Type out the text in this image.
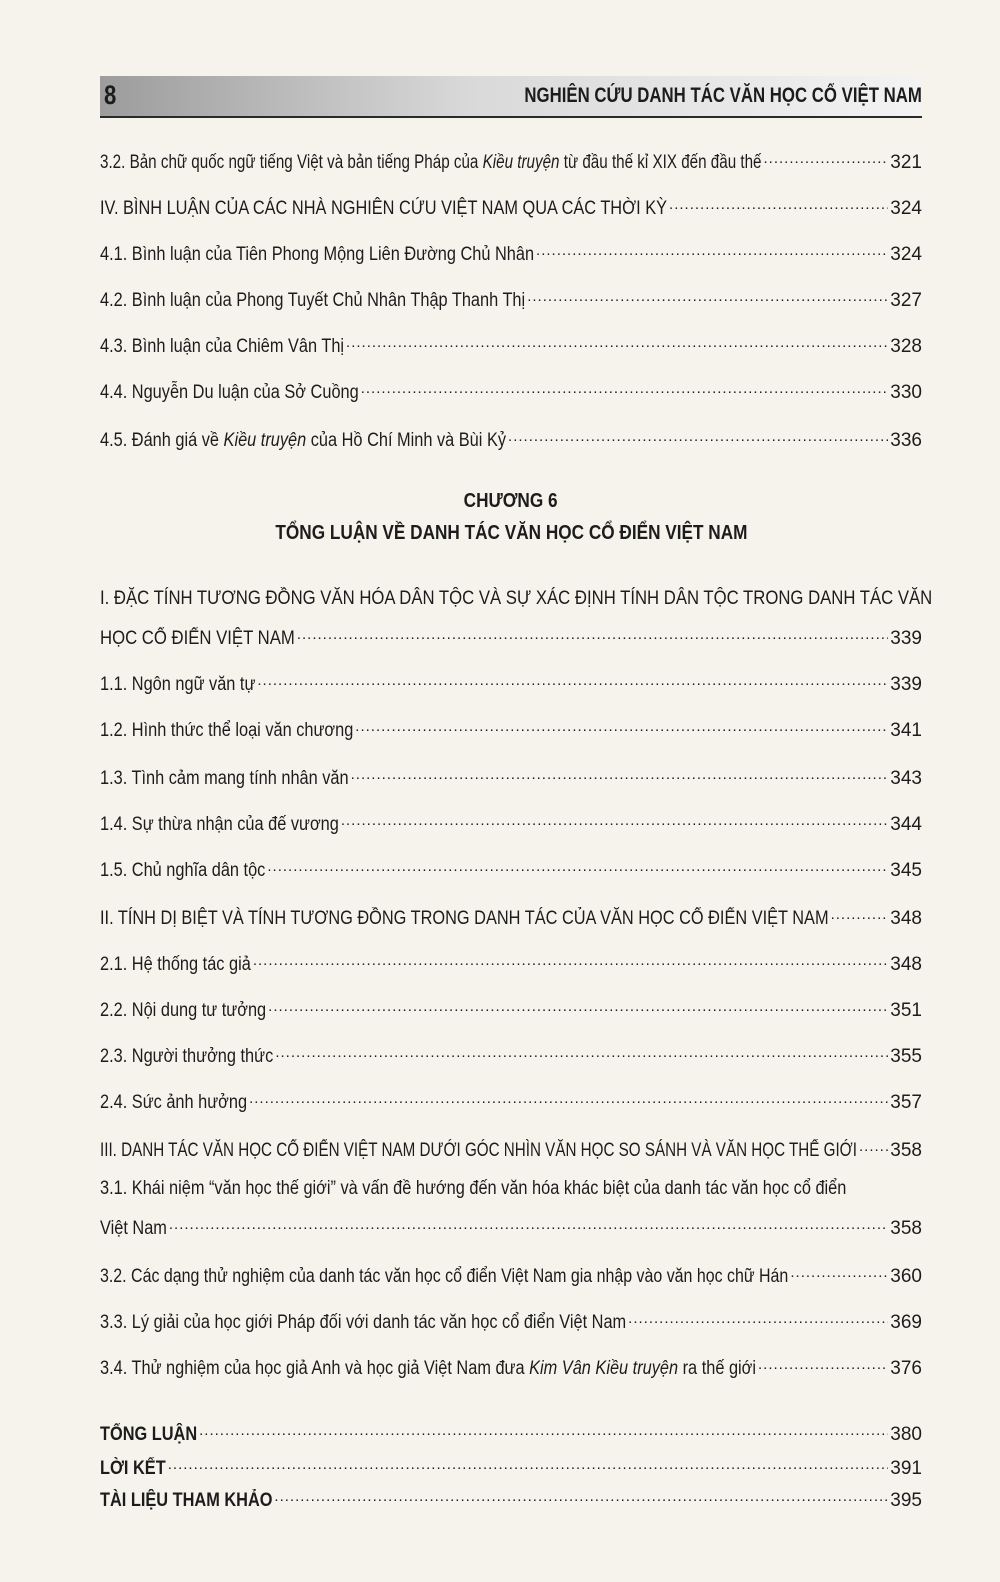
8	NGHIÊN CỨU DANH TÁC VĂN HỌC CỔ VIỆT NAM
3.2. Bản chữ quốc ngữ tiếng Việt và bản tiếng Pháp của Kiều truyện từ đầu thế kỉ XIX đến đầu thế .....	321
IV. BÌNH LUẬN CỦA CÁC NHÀ NGHIÊN CỨU VIỆT NAM QUA CÁC THỜI KỲ .....	324
4.1. Bình luận của Tiên Phong Mộng Liên Đường Chủ Nhân .....	324
4.2. Bình luận của Phong Tuyết Chủ Nhân Thập Thanh Thị .....	327
4.3. Bình luận của Chiêm Vân Thị .....	328
4.4. Nguyễn Du luận của Sở Cuồng .....	330
4.5. Đánh giá về Kiều truyện của Hồ Chí Minh và Bùi Kỷ .....	336
CHƯƠNG 6
TỔNG LUẬN VỀ DANH TÁC VĂN HỌC CỔ ĐIỂN VIỆT NAM
I. ĐẶC TÍNH TƯƠNG ĐỒNG VĂN HÓA DÂN TỘC VÀ SỰ XÁC ĐỊNH TÍNH DÂN TỘC TRONG DANH TÁC VĂN
HỌC CỔ ĐIỂN VIỆT NAM .....	339
1.1. Ngôn ngữ văn tự .....	339
1.2. Hình thức thể loại văn chương .....	341
1.3. Tình cảm mang tính nhân văn .....	343
1.4. Sự thừa nhận của đế vương .....	344
1.5. Chủ nghĩa dân tộc .....	345
II. TÍNH DỊ BIỆT VÀ TÍNH TƯƠNG ĐỒNG TRONG DANH TÁC CỦA VĂN HỌC CỔ ĐIỂN VIỆT NAM .....	348
2.1. Hệ thống tác giả .....	348
2.2. Nội dung tư tưởng .....	351
2.3. Người thưởng thức .....	355
2.4. Sức ảnh hưởng .....	357
III. DANH TÁC VĂN HỌC CỔ ĐIỂN VIỆT NAM DƯỚI GÓC NHÌN VĂN HỌC SO SÁNH VÀ VĂN HỌC THẾ GIỚI ..... 358
3.1. Khái niệm “văn học thế giới” và vấn đề hướng đến văn hóa khác biệt của danh tác văn học cổ điển
Việt Nam .....	358
3.2. Các dạng thử nghiệm của danh tác văn học cổ điển Việt Nam gia nhập vào văn học chữ Hán .....	360
3.3. Lý giải của học giới Pháp đối với danh tác văn học cổ điển Việt Nam .....	369
3.4. Thử nghiệm của học giả Anh và học giả Việt Nam đưa Kim Vân Kiều truyện ra thế giới .....	376
TỔNG LUẬN .....	380
LỜI KẾT .....	391
TÀI LIỆU THAM KHẢO .....	395
